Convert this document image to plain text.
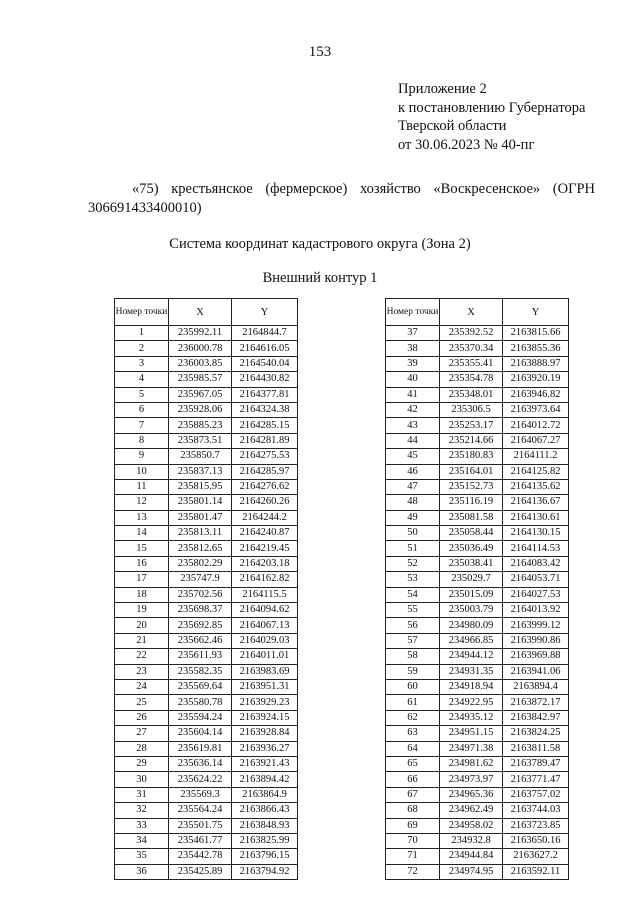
153
Приложение 2
к постановлению Губернатора
Тверской области
от 30.06.2023 № 40-пг
«75) крестьянское (фермерское) хозяйство «Воскресенское» (ОГРН
306691433400010)
Система координат кадастрового округа (Зона 2)
Внешний контур 1
Номер точки	X	Y
1	235992.11	2164844.7
2	236000.78	2164616.05
3	236003.85	2164540.04
4	235985.57	2164430.82
5	235967.05	2164377.81
6	235928.06	2164324.38
7	235885.23	2164285.15
8	235873.51	2164281.89
9	235850.7	2164275.53
10	235837.13	2164285.97
11	235815.95	2164276.62
12	235801.14	2164260.26
13	235801.47	2164244.2
14	235813.11	2164240.87
15	235812.65	2164219.45
16	235802.29	2164203.18
17	235747.9	2164162.82
18	235702.56	2164115.5
19	235698.37	2164094.62
20	235692.85	2164067.13
21	235662.46	2164029.03
22	235611.93	2164011.01
23	235582.35	2163983.69
24	235569.64	2163951.31
25	235580.78	2163929.23
26	235594.24	2163924.15
27	235604.14	2163928.84
28	235619.81	2163936.27
29	235636.14	2163921.43
30	235624.22	2163894.42
31	235569.3	2163864.9
32	235564.24	2163866.43
33	235501.75	2163848.93
34	235461.77	2163825.99
35	235442.78	2163796.15
36	235425.89	2163794.92
Номер точки	X	Y
37	235392.52	2163815.66
38	235370.34	2163855.36
39	235355.41	2163888.97
40	235354.78	2163920.19
41	235348.01	2163946.82
42	235306.5	2163973.64
43	235253.17	2164012.72
44	235214.66	2164067.27
45	235180.83	2164111.2
46	235164.01	2164125.82
47	235152.73	2164135.62
48	235116.19	2164136.67
49	235081.58	2164130.61
50	235058.44	2164130.15
51	235036.49	2164114.53
52	235038.41	2164083.42
53	235029.7	2164053.71
54	235015.09	2164027.53
55	235003.79	2164013.92
56	234980.09	2163999.12
57	234966.85	2163990.86
58	234944.12	2163969.88
59	234931.35	2163941.06
60	234918.94	2163894.4
61	234922.95	2163872.17
62	234935.12	2163842.97
63	234951.15	2163824.25
64	234971.38	2163811.58
65	234981.62	2163789.47
66	234973.97	2163771.47
67	234965.36	2163757.02
68	234962.49	2163744.03
69	234958.02	2163723.85
70	234932.8	2163650.16
71	234944.84	2163627.2
72	234974.95	2163592.11
